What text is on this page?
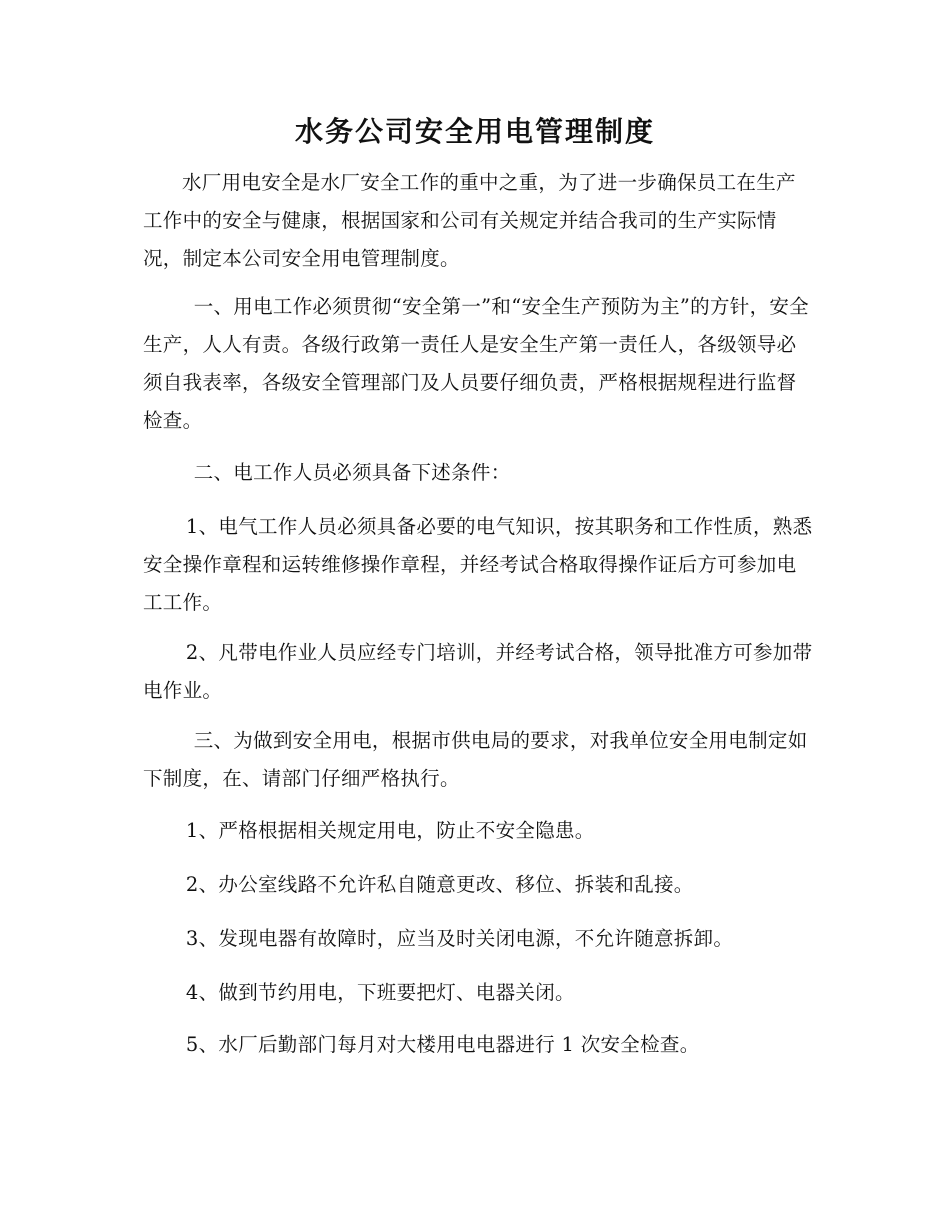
水务公司安全用电管理制度

水厂用电安全是水厂安全工作的重中之重，为了进一步确保员工在生产工作中的安全与健康，根据国家和公司有关规定并结合我司的生产实际情况，制定本公司安全用电管理制度。

一、用电工作必须贯彻“安全第一”和“安全生产预防为主”的方针，安全生产，人人有责。各级行政第一责任人是安全生产第一责任人，各级领导必须自我表率，各级安全管理部门及人员要仔细负责，严格根据规程进行监督检查。

二、电工作人员必须具备下述条件：

1、电气工作人员必须具备必要的电气知识，按其职务和工作性质，熟悉安全操作章程和运转维修操作章程，并经考试合格取得操作证后方可参加电工工作。

2、凡带电作业人员应经专门培训，并经考试合格，领导批准方可参加带电作业。

三、为做到安全用电，根据市供电局的要求，对我单位安全用电制定如下制度，在、请部门仔细严格执行。

1、严格根据相关规定用电，防止不安全隐患。

2、办公室线路不允许私自随意更改、移位、拆装和乱接。

3、发现电器有故障时，应当及时关闭电源，不允许随意拆卸。

4、做到节约用电，下班要把灯、电器关闭。

5、水厂后勤部门每月对大楼用电电器进行 1 次安全检查。
